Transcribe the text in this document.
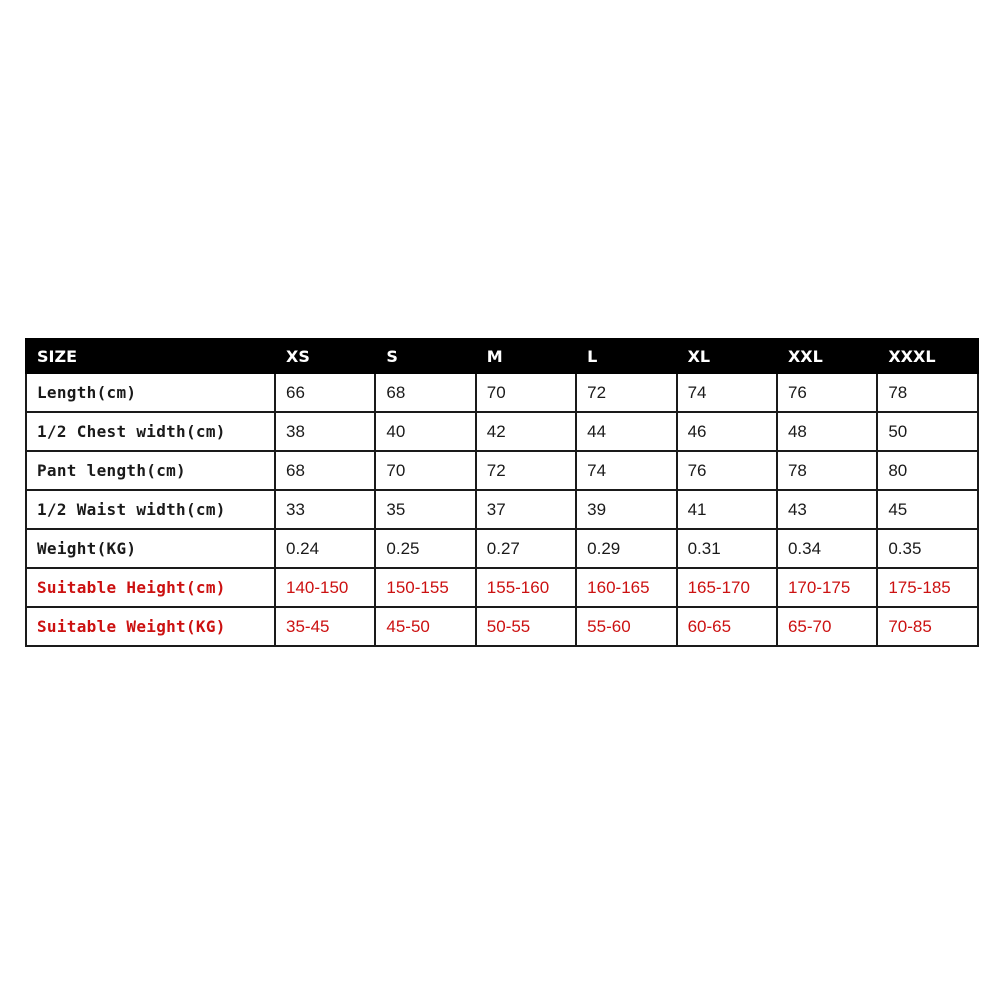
SIZE	XS	S	M	L	XL	XXL	XXXL
Length(cm)	66	68	70	72	74	76	78
1/2 Chest width(cm)	38	40	42	44	46	48	50
Pant length(cm)	68	70	72	74	76	78	80
1/2 Waist width(cm)	33	35	37	39	41	43	45
Weight(KG)	0.24	0.25	0.27	0.29	0.31	0.34	0.35
Suitable Height(cm)	140-150	150-155	155-160	160-165	165-170	170-175	175-185
Suitable Weight(KG)	35-45	45-50	50-55	55-60	60-65	65-70	70-85
